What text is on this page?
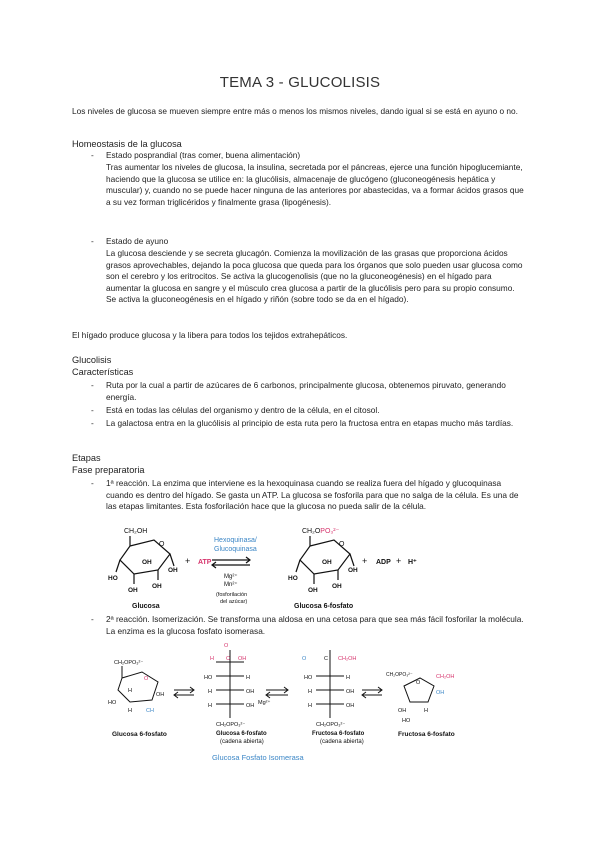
TEMA 3 - GLUCOLISIS
Los niveles de glucosa se mueven siempre entre más o menos los mismos niveles, dando igual si se está en ayuno o no.
Homeostasis de la glucosa
- Estado posprandial (tras comer, buena alimentación)
Tras aumentar los niveles de glucosa, la insulina, secretada por el páncreas, ejerce una función hipoglucemiante, haciendo que la glucosa se utilice en: la glucólisis, almacenaje de glucógeno (gluconeogénesis hepática y muscular) y, cuando no se puede hacer ninguna de las anteriores por abastecidas, va a formar ácidos grasos que a su vez forman triglicéridos y finalmente grasa (lipogénesis).
- Estado de ayuno
La glucosa desciende y se secreta glucagón. Comienza la movilización de las grasas que proporciona ácidos grasos aprovechables, dejando la poca glucosa que queda para los órganos que solo pueden usar glucosa como son el cerebro y los eritrocitos. Se activa la glucogenolisis (que no la gluconeogénesis) en el hígado para aumentar la glucosa en sangre y el músculo crea glucosa a partir de la glucólisis pero para su propio consumo. Se activa la gluconeogénesis en el hígado y riñón (sobre todo se da en el hígado).
El hígado produce glucosa y la libera para todos los tejidos extrahepáticos.
Glucolisis
Características
- Ruta por la cual a partir de azúcares de 6 carbonos, principalmente glucosa, obtenemos piruvato, generando energía.
- Está en todas las células del organismo y dentro de la célula, en el citosol.
- La galactosa entra en la glucólisis al principio de esta ruta pero la fructosa entra en etapas mucho más tardías.
Etapas
Fase preparatoria
- 1ª reacción. La enzima que interviene es la hexoquinasa cuando se realiza fuera del hígado y glucoquinasa cuando es dentro del hígado. Se gasta un ATP. La glucosa se fosforila para que no salga de la célula. Es una de las etapas limitantes. Esta fosforilación hace que la glucosa no pueda salir de la célula.
CH₂OH
O
OH
OH
HO
OH
OH
Glucosa
+ ATP
Hexoquinasa/
Glucoquinasa
Mg²⁺
Mn²⁺
(fosforilación
del azúcar)
CH₂OPO₃²⁻
O
OH
OH
HO
OH
OH
Glucosa 6-fosfato
+ ADP + H⁺
- 2ª reacción. Isomerización. Se transforma una aldosa en una cetosa para que sea más fácil fosforilar la molécula. La enzima es la glucosa fosfato isomerasa.
CH₂OPO₃²⁻
O
H
OH
HO
H	CH
Glucosa 6-fosfato
O
H C OH
HO	H
H	OH
H	OH
CH₂OPO₃²⁻
Glucosa 6-fosfato
(cadena abierta)
Mg²⁺
O	C CH₂OH
HO	H
H	OH
H	OH
CH₂OPO₃²⁻
Fructosa 6-fosfato
(cadena abierta)
CH₂OPO₃²⁻
O
CH₂OH
OH
OH	H
HO
Fructosa 6-fosfato
Glucosa Fosfato Isomerasa
